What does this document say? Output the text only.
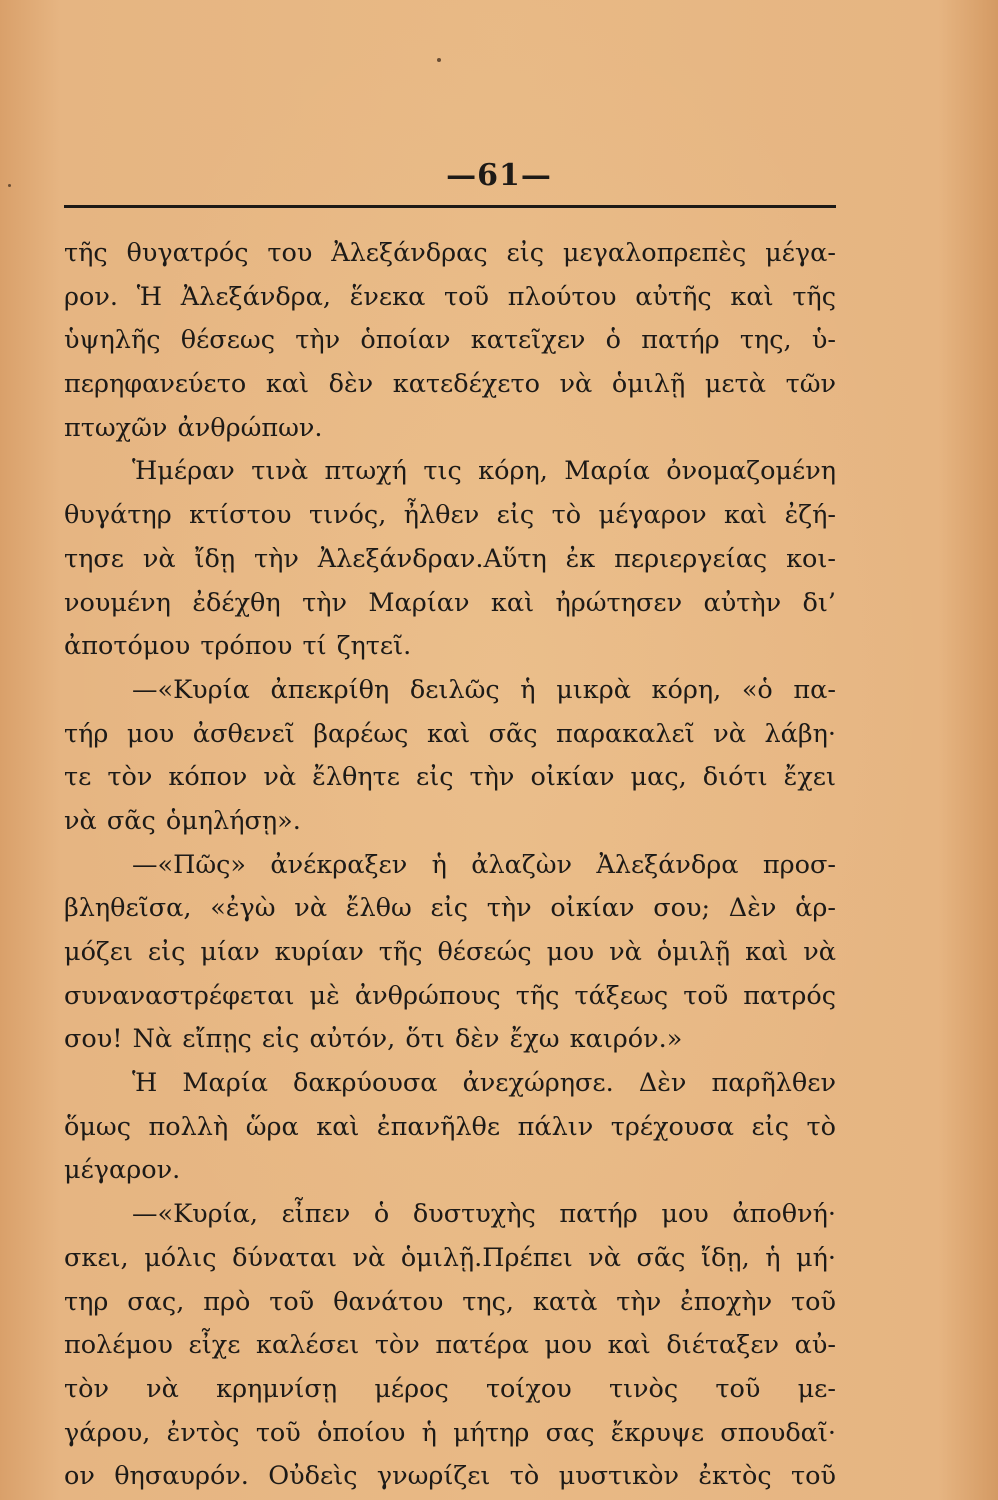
—61—
τῆς θυγατρός του Ἀλεξάνδρας εἰς μεγαλοπρεπὲς μέγα-
ρον. Ἡ Ἀλεξάνδρα, ἕνεκα τοῦ πλούτου αὐτῆς καὶ τῆς
ὑψηλῆς θέσεως τὴν ὁποίαν κατεῖχεν ὁ πατήρ της, ὑ-
περηφανεύετο καὶ δὲν κατεδέχετο νὰ ὁμιλῇ μετὰ τῶν
πτωχῶν ἀνθρώπων.
Ἡμέραν τινὰ πτωχή τις κόρη, Μαρία ὀνομαζομένη
θυγάτηρ κτίστου τινός, ἦλθεν εἰς τὸ μέγαρον καὶ ἐζή-
τησε νὰ ἴδῃ τὴν Ἀλεξάνδραν.Αὕτη ἐκ περιεργείας κοι-
νουμένη ἐδέχθη τὴν Μαρίαν καὶ ἠρώτησεν αὐτὴν δι’
ἀποτόμου τρόπου τί ζητεῖ.
—«Κυρία ἀπεκρίθη δειλῶς ἡ μικρὰ κόρη, «ὁ πα-
τήρ μου ἀσθενεῖ βαρέως καὶ σᾶς παρακαλεῖ νὰ λάβη·
τε τὸν κόπον νὰ ἔλθητε εἰς τὴν οἰκίαν μας, διότι ἔχει
νὰ σᾶς ὁμηλήσῃ».
—«Πῶς» ἀνέκραξεν ἡ ἀλαζὼν Ἀλεξάνδρα προσ-
βληθεῖσα, «ἐγὼ νὰ ἔλθω εἰς τὴν οἰκίαν σου; Δὲν ἁρ-
μόζει εἰς μίαν κυρίαν τῆς θέσεώς μου νὰ ὁμιλῇ καὶ νὰ
συναναστρέφεται μὲ ἀνθρώπους τῆς τάξεως τοῦ πατρός
σου! Νὰ εἴπῃς εἰς αὐτόν, ὅτι δὲν ἔχω καιρόν.»
Ἡ Μαρία δακρύουσα ἀνεχώρησε. Δὲν παρῆλθεν
ὅμως πολλὴ ὥρα καὶ ἐπανῆλθε πάλιν τρέχουσα εἰς τὸ
μέγαρον.
—«Κυρία, εἶπεν ὁ δυστυχὴς πατήρ μου ἀποθνή·
σκει, μόλις δύναται νὰ ὁμιλῇ.Πρέπει νὰ σᾶς ἴδῃ, ἡ μή·
τηρ σας, πρὸ τοῦ θανάτου της, κατὰ τὴν ἐποχὴν τοῦ
πολέμου εἶχε καλέσει τὸν πατέρα μου καὶ διέταξεν αὐ-
τὸν νὰ κρημνίσῃ μέρος τοίχου τινὸς τοῦ με-
γάρου, ἐντὸς τοῦ ὁποίου ἡ μήτηρ σας ἔκρυψε σπουδαῖ·
ον θησαυρόν. Οὐδεὶς γνωρίζει τὸ μυστικὸν ἐκτὸς τοῦ
